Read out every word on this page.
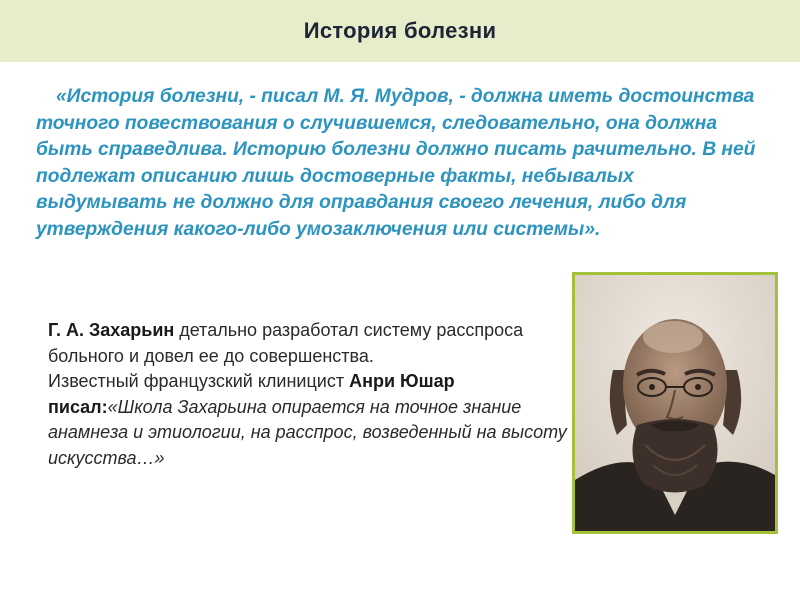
История болезни

«История болезни, - писал М. Я. Мудров, - должна иметь достоинства точного повествования о случившемся, следовательно, она должна быть справедлива. Историю болезни должно писать рачительно. В ней подлежат описанию лишь достоверные факты, небывалых выдумывать не должно для оправдания своего лечения, либо для утверждения какого-либо умозаключения или системы».

Г. А. Захарьин детально разработал систему расспроса больного и довел ее до совершенства.

Известный французский клиницист Анри Юшар писал:«Школа Захарьина опирается на точное знание анамнеза и этиологии, на расспрос, возведенный на высоту искусства…»
